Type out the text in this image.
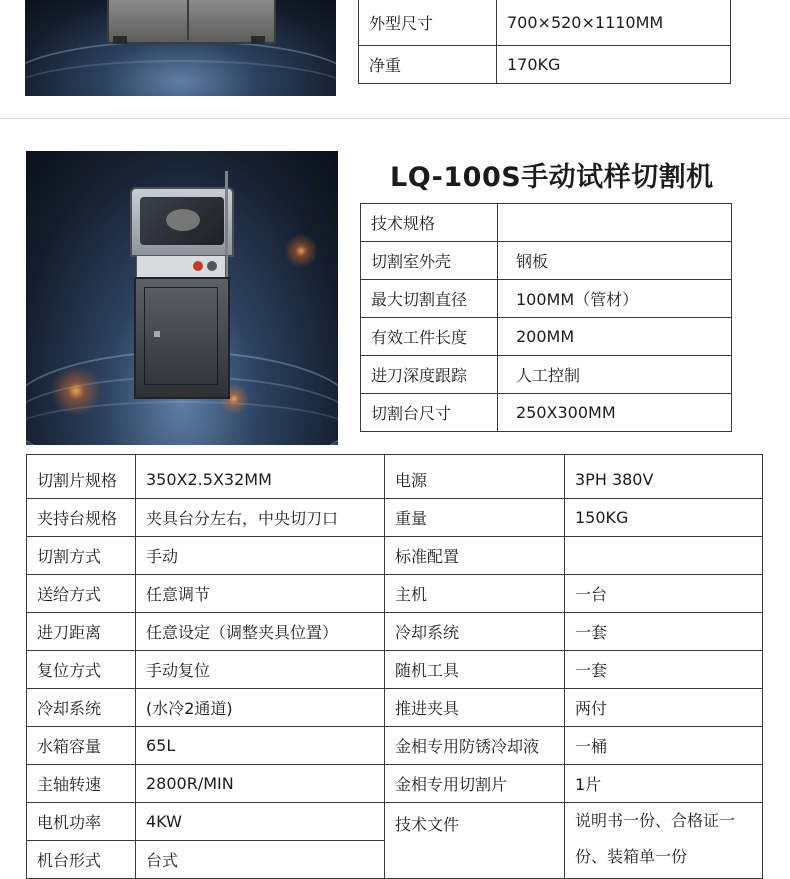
外型尺寸	700×520×1110MM
净重	170KG
LQ-100S手动试样切割机
技术规格	
切割室外壳	钢板
最大切割直径	100MM（管材）
有效工件长度	200MM
进刀深度跟踪	人工控制
切割台尺寸	250X300MM
切割片规格	350X2.5X32MM	电源	3PH 380V
夹持台规格	夹具台分左右，中央切刀口	重量	150KG
切割方式	手动	标准配置	
送给方式	任意调节	主机	一台
进刀距离	任意设定（调整夹具位置）	冷却系统	一套
复位方式	手动复位	随机工具	一套
冷却系统	(水冷2通道)	推进夹具	两付
水箱容量	65L	金相专用防锈冷却液	一桶
主轴转速	2800R/MIN	金相专用切割片	1片
电机功率	4KW	技术文件	说明书一份、合格证一
份、装箱单一份

机台形式	台式		
